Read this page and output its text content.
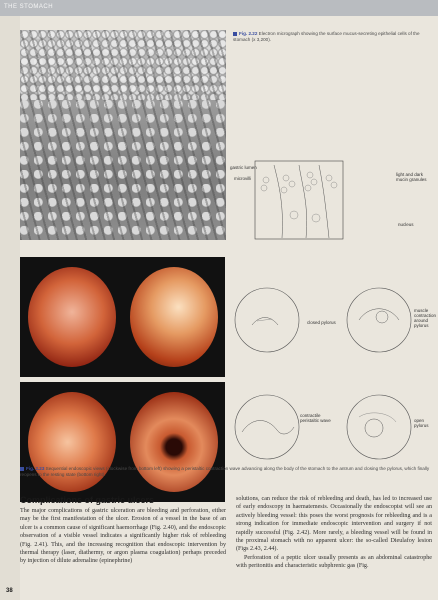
THE STOMACH
Fig. 2.22 Electron micrograph showing the surface mucus-secreting epithelial cells of the stomach (x 3,200).
gastric lumen
microvilli
light and dark mucin granules
nucleus
closed pylorus
muscle contraction around pylorus
contractile peristaltic wave	open pylorus
Fig. 2.23 Sequential endoscopic views (clockwise from bottom left) showing a peristaltic contraction wave advancing along the body of the stomach to the antrum and closing the pylorus, which finally reopens to the resting state (bottom right).
Complications of gastric ulcers

The major complications of gastric ulceration are bleeding and perforation, either may be the first manifestation of the ulcer. Erosion of a vessel in the base of an ulcer is a common cause of significant haemorrhage (Fig. 2.40), and the endoscopic observation of a visible vessel indicates a significantly higher risk of rebleeding (Fig. 2.41). This, and the increasing recognition that endoscopic intervention by thermal therapy (laser, diathermy, or argon plasma coagulation) perhaps preceded by injection of dilute adrenaline (epinephrine)

solutions, can reduce the risk of rebleeding and death, has led to increased use of early endoscopy in haematemesis. Occasionally the endoscopist will see an actively bleeding vessel: this poses the worst prognosis for rebleeding and is a strong indication for immediate endoscopic intervention and surgery if not rapidly successful (Fig. 2.42). More rarely, a bleeding vessel will be found in the proximal stomach with no apparent ulcer: the so-called Dieulafoy lesion (Figs 2.43, 2.44).

Perforation of a peptic ulcer usually presents as an abdominal catastrophe with peritonitis and characteristic subphrenic gas (Fig.

38
